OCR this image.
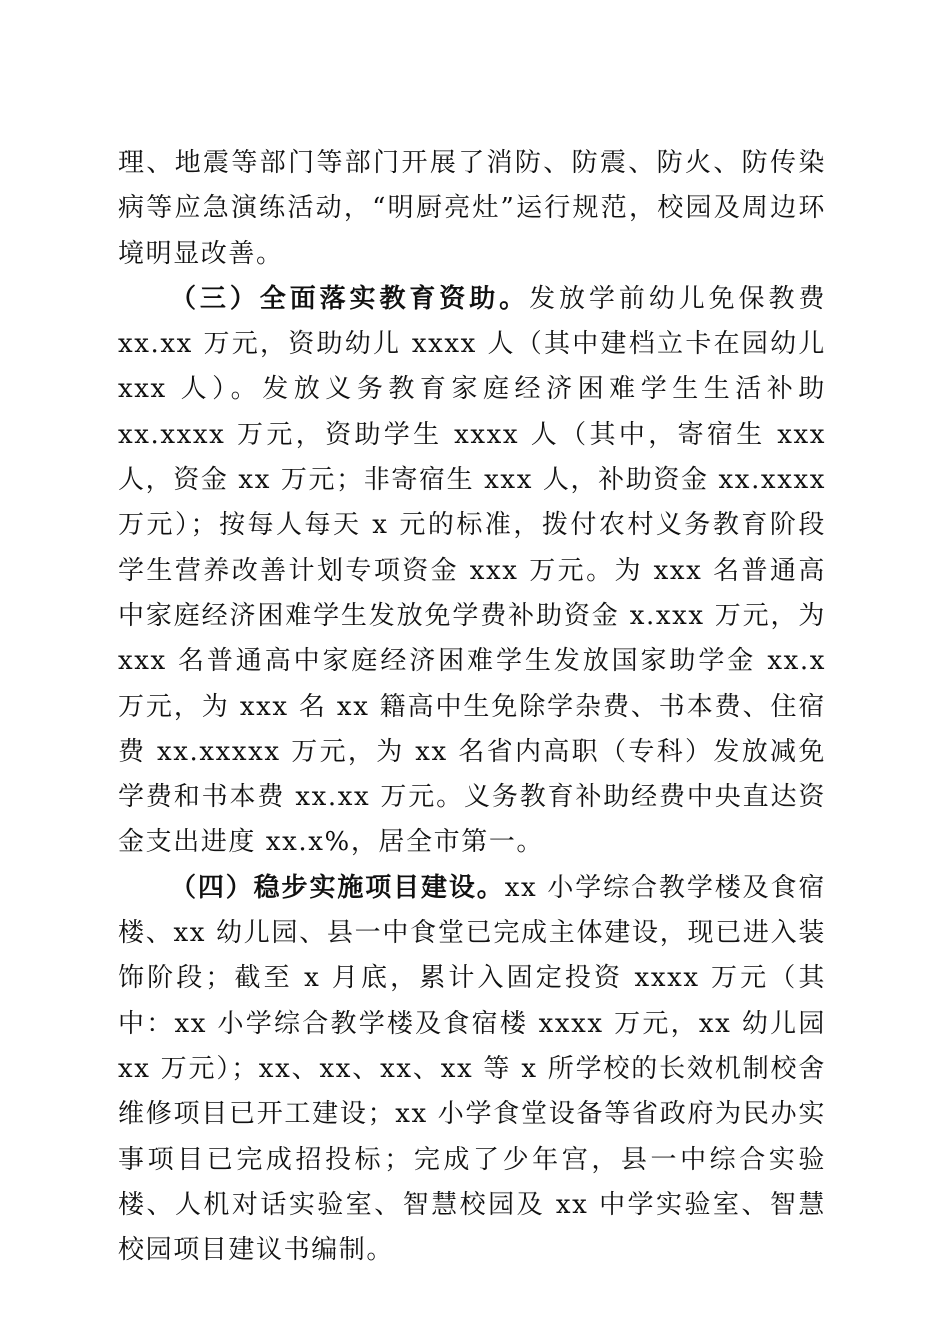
理、地震等部门等部门开展了消防、防震、防火、防传染病等应急演练活动，“明厨亮灶”运行规范，校园及周边环境明显改善。

（三）全面落实教育资助。发放学前幼儿免保教费 xx.xx 万元，资助幼儿 xxxx 人（其中建档立卡在园幼儿 xxx 人）。发放义务教育家庭经济困难学生生活补助 xx.xxxx 万元，资助学生 xxxx 人（其中，寄宿生 xxx 人，资金 xx 万元；非寄宿生 xxx 人，补助资金 xx.xxxx 万元）；按每人每天 x 元的标准，拨付农村义务教育阶段学生营养改善计划专项资金 xxx 万元。为 xxx 名普通高中家庭经济困难学生发放免学费补助资金 x.xxx 万元，为 xxx 名普通高中家庭经济困难学生发放国家助学金 xx.x 万元，为 xxx 名 xx 籍高中生免除学杂费、书本费、住宿费 xx.xxxxx 万元，为 xx 名省内高职（专科）发放减免学费和书本费 xx.xx 万元。义务教育补助经费中央直达资金支出进度 xx.x%，居全市第一。

（四）稳步实施项目建设。xx 小学综合教学楼及食宿楼、xx 幼儿园、县一中食堂已完成主体建设，现已进入装饰阶段；截至 x 月底，累计入固定投资 xxxx 万元（其中：xx 小学综合教学楼及食宿楼 xxxx 万元，xx 幼儿园 xx 万元）；xx、xx、xx、xx 等 x 所学校的长效机制校舍维修项目已开工建设；xx 小学食堂设备等省政府为民办实事项目已完成招投标；完成了少年宫，县一中综合实验楼、人机对话实验室、智慧校园及 xx 中学实验室、智慧校园项目建议书编制。
